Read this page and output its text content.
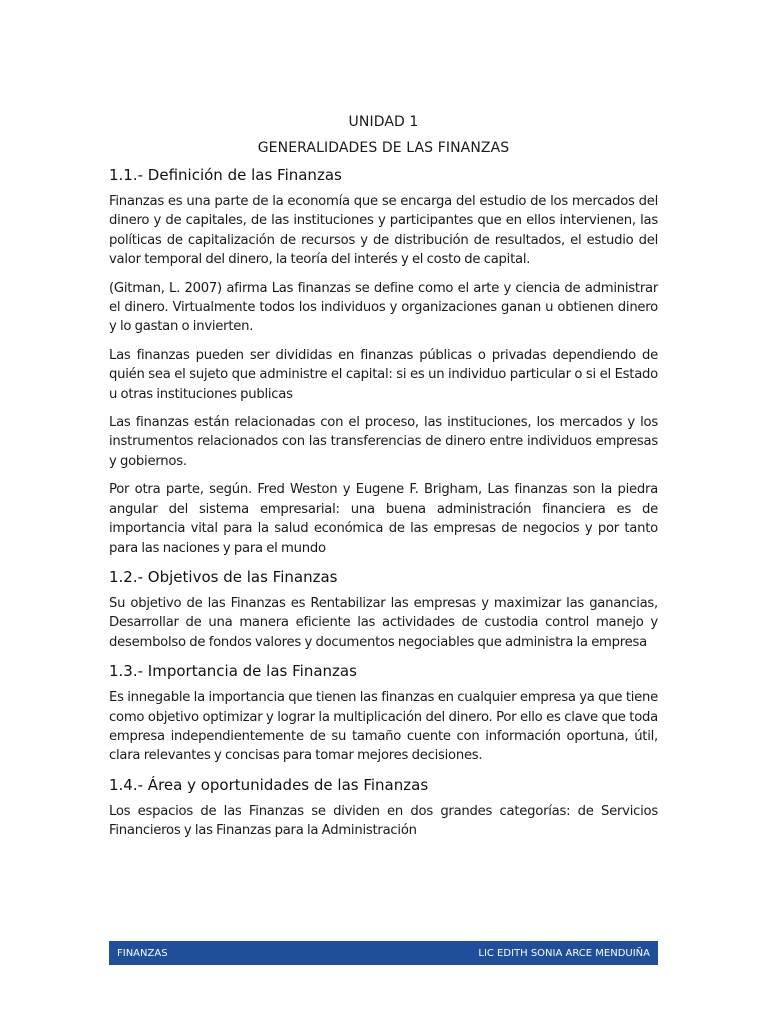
UNIDAD 1

GENERALIDADES DE LAS FINANZAS

1.1.- Definición de las Finanzas

Finanzas es una parte de la economía que se encarga del estudio de los mercados del dinero y de capitales, de las instituciones y participantes que en ellos intervienen, las políticas de capitalización de recursos y de distribución de resultados, el estudio del valor temporal del dinero, la teoría del interés y el costo de capital.

(Gitman, L. 2007) afirma Las finanzas se define como el arte y ciencia de administrar el dinero. Virtualmente todos los individuos y organizaciones ganan u obtienen dinero y lo gastan o invierten.

Las finanzas pueden ser divididas en finanzas públicas o privadas dependiendo de quién sea el sujeto que administre el capital: si es un individuo particular o si el Estado u otras instituciones publicas

Las finanzas están relacionadas con el proceso, las instituciones, los mercados y los instrumentos relacionados con las transferencias de dinero entre individuos empresas y gobiernos.

Por otra parte, según. Fred Weston y Eugene F. Brigham, Las finanzas son la piedra angular del sistema empresarial: una buena administración financiera es de importancia vital para la salud económica de las empresas de negocios y por tanto para las naciones y para el mundo

1.2.- Objetivos de las Finanzas

Su objetivo de las Finanzas es Rentabilizar las empresas y maximizar las ganancias, Desarrollar de una manera eficiente las actividades de custodia control manejo y desembolso de fondos valores y documentos negociables que administra la empresa

1.3.- Importancia de las Finanzas

Es innegable la importancia que tienen las finanzas en cualquier empresa ya que tiene como objetivo optimizar y lograr la multiplicación del dinero. Por ello es clave que toda empresa independientemente de su tamaño cuente con información oportuna, útil, clara relevantes y concisas para tomar mejores decisiones.

1.4.- Área y oportunidades de las Finanzas

Los espacios de las Finanzas se dividen en dos grandes categorías: de Servicios Financieros y las Finanzas para la Administración

FINANZAS	LIC EDITH SONIA ARCE MENDUIÑA
